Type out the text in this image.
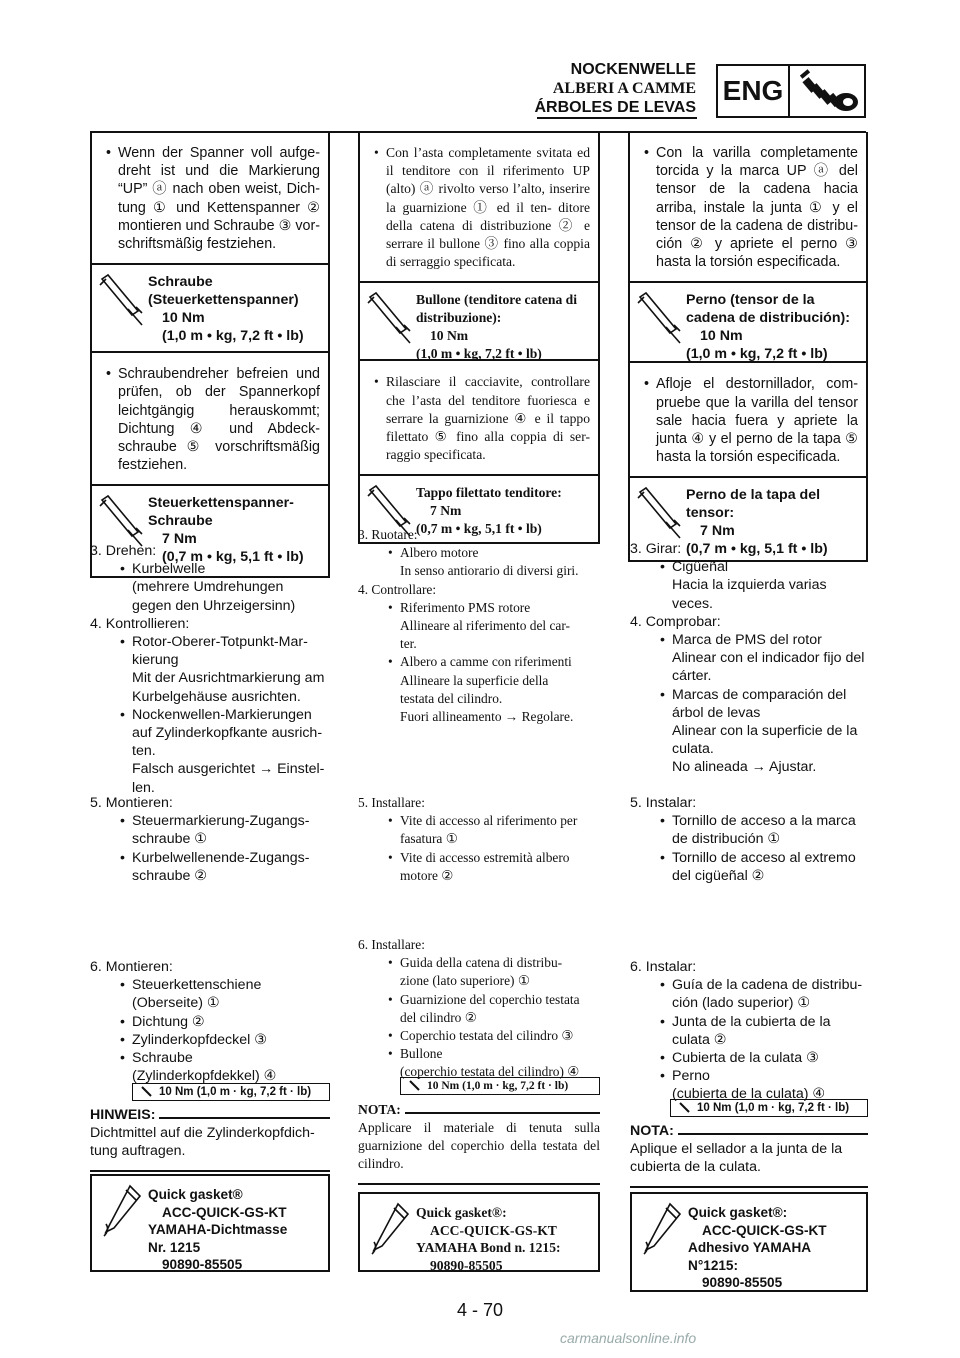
NOCKENWELLE
ALBERI A CAMME
ÁRBOLES DE LEVAS
ENG
• Wenn der Spanner voll aufge- dreht ist und die Markierung “UP” ⓐ nach oben weist, Dich- tung ① und Kettenspanner ② montieren und Schraube ③ vor- schriftsmäßig festziehen.
Schraube
(Steuerkettenspanner)
10 Nm
(1,0 m • kg, 7,2 ft • lb)
• Schraubendreher befreien und prüfen, ob der Spannerkopf leichtgängig herauskommt; Dichtung ④ und Abdeck- schraube ⑤ vorschriftsmäßig festziehen.
Steuerkettenspanner-
Schraube
7 Nm
(0,7 m • kg, 5,1 ft • lb)
3. Drehen:
• Kurbelwelle
(mehrere Umdrehungen
gegen den Uhrzeigersinn)
4. Kontrollieren:
• Rotor-Oberer-Totpunkt-Mar-
kierung
Mit der Ausrichtmarkierung am
Kurbelgehäuse ausrichten.
• Nockenwellen-Markierungen
auf Zylinderkopfkante ausrich-
ten.
Falsch ausgerichtet → Einstel-
len.
5. Montieren:
• Steuermarkierung-Zugangs-
schraube ①
• Kurbelwellenende-Zugangs-
schraube ②
6. Montieren:
• Steuerkettenschiene
(Oberseite) ①
• Dichtung ②
• Zylinderkopfdeckel ③
• Schraube
(Zylinderkopfdekkel) ④
10 Nm (1,0 m · kg, 7,2 ft · lb)
HINWEIS:
Dichtmittel auf die Zylinderkopfdich- tung auftragen.
Quick gasket®
ACC-QUICK-GS-KT
YAMAHA-Dichtmasse
Nr. 1215
90890-85505
• Con l’asta completamente svitata ed il tenditore con il riferimento UP (alto) ⓐ rivolto verso l’alto, inserire la guarnizione ① ed il ten- ditore della catena di distribuzione ② e serrare il bullone ③ fino alla coppia di serraggio specificata.
Bullone (tenditore catena di
distribuzione):
10 Nm
(1,0 m • kg, 7,2 ft • lb)
• Rilasciare il cacciavite, controllare che l’asta del tenditore fuoriesca e serrare la guarnizione ④ e il tappo filettato ⑤ fino alla coppia di ser- raggio specificata.
Tappo filettato tenditore:
7 Nm
(0,7 m • kg, 5,1 ft • lb)
3. Ruotare:
• Albero motore
In senso antiorario di diversi giri.
4. Controllare:
• Riferimento PMS rotore
Allineare al riferimento del car-
ter.
• Albero a camme con riferimenti
Allineare la superficie della
testata del cilindro.
Fuori allineamento → Regolare.
5. Installare:
• Vite di accesso al riferimento per
fasatura ①
• Vite di accesso estremità albero
motore ②
6. Installare:
• Guida della catena di distribu-
zione (lato superiore) ①
• Guarnizione del coperchio testata
del cilindro ②
• Coperchio testata del cilindro ③
• Bullone
(coperchio testata del cilindro) ④
10 Nm (1,0 m · kg, 7,2 ft · lb)
NOTA:
Applicare il materiale di tenuta sulla guarnizione del coperchio della testata del cilindro.
Quick gasket®:
ACC-QUICK-GS-KT
YAMAHA Bond n. 1215:
90890-85505
• Con la varilla completamente torcida y la marca UP ⓐ del tensor de la cadena hacia arriba, instale la junta ① y el tensor de la cadena de distribu- ción ② y apriete el perno ③ hasta la torsión especificada.
Perno (tensor de la
cadena de distribución):
10 Nm
(1,0 m • kg, 7,2 ft • lb)
• Afloje el destornillador, com- pruebe que la varilla del tensor sale hacia fuera y apriete la junta ④ y el perno de la tapa ⑤ hasta la torsión especificada.
Perno de la tapa del
tensor:
7 Nm
(0,7 m • kg, 5,1 ft • lb)
3. Girar:
• Cigüeñal
Hacia la izquierda varias
veces.
4. Comprobar:
• Marca de PMS del rotor
Alinear con el indicador fijo del
cárter.
• Marcas de comparación del
árbol de levas
Alinear con la superficie de la
culata.
No alineada → Ajustar.
5. Instalar:
• Tornillo de acceso a la marca
de distribución ①
• Tornillo de acceso al extremo
del cigüeñal ②
6. Instalar:
• Guía de la cadena de distribu-
ción (lado superior) ①
• Junta de la cubierta de la
culata ②
• Cubierta de la culata ③
• Perno
(cubierta de la culata) ④
10 Nm (1,0 m · kg, 7,2 ft · lb)
NOTA:
Aplique el sellador a la junta de la cubierta de la culata.
Quick gasket®:
ACC-QUICK-GS-KT
Adhesivo YAMAHA
N°1215:
90890-85505
4 - 70
carmanualsonline.info
